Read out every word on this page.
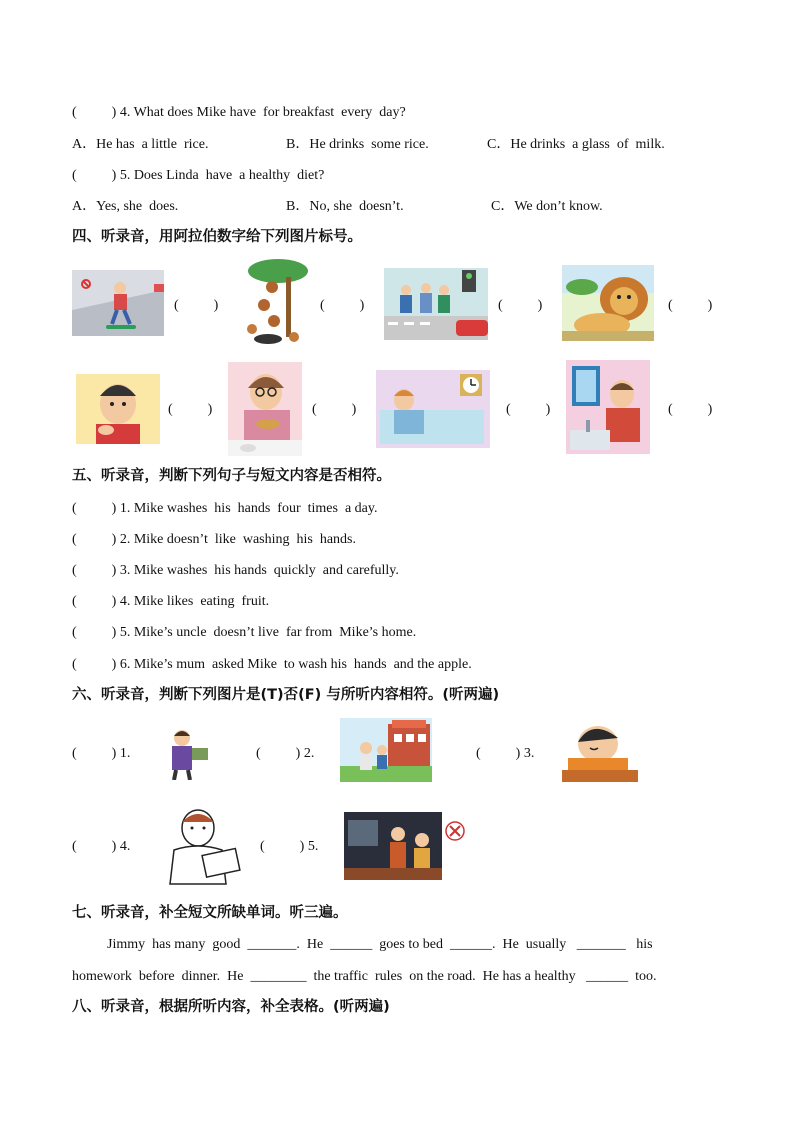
(          ) 4. What does Mike have  for breakfast  every  day?
A．He has  a little  rice.	B．He drinks  some rice.	C．He drinks  a glass  of  milk.
(          ) 5. Does Linda  have  a healthy  diet?
A．Yes, she  does.	B．No, she  doesn’t.	C．We don’t know.
四、听录音，用阿拉伯数字给下列图片标号。
(          )	(          )	(          )	(          )
(          )	(          )	(          )	(          )
五、听录音，判断下列句子与短文内容是否相符。
(          ) 1. Mike washes  his  hands  four  times  a day.
(          ) 2. Mike doesn’t  like  washing  his  hands.
(          ) 3. Mike washes  his hands  quickly  and carefully.
(          ) 4. Mike likes  eating  fruit.
(          ) 5. Mike’s uncle  doesn’t live  far from  Mike’s home.
(          ) 6. Mike’s mum  asked Mike  to wash his  hands  and the apple.
六、听录音，判断下列图片是(T)否(F) 与所听内容相符。(听两遍)
(          ) 1.	(          ) 2.	(          ) 3.
(          ) 4.	(          ) 5.
七、听录音，补全短文所缺单词。听三遍。
Jimmy  has many  good  _______.  He  ______  goes to bed  ______.  He  usually   _______   his
homework  before  dinner.  He  ________  the traffic  rules  on the road.  He has a healthy   ______  too.
八、听录音，根据所听内容，补全表格。(听两遍)
